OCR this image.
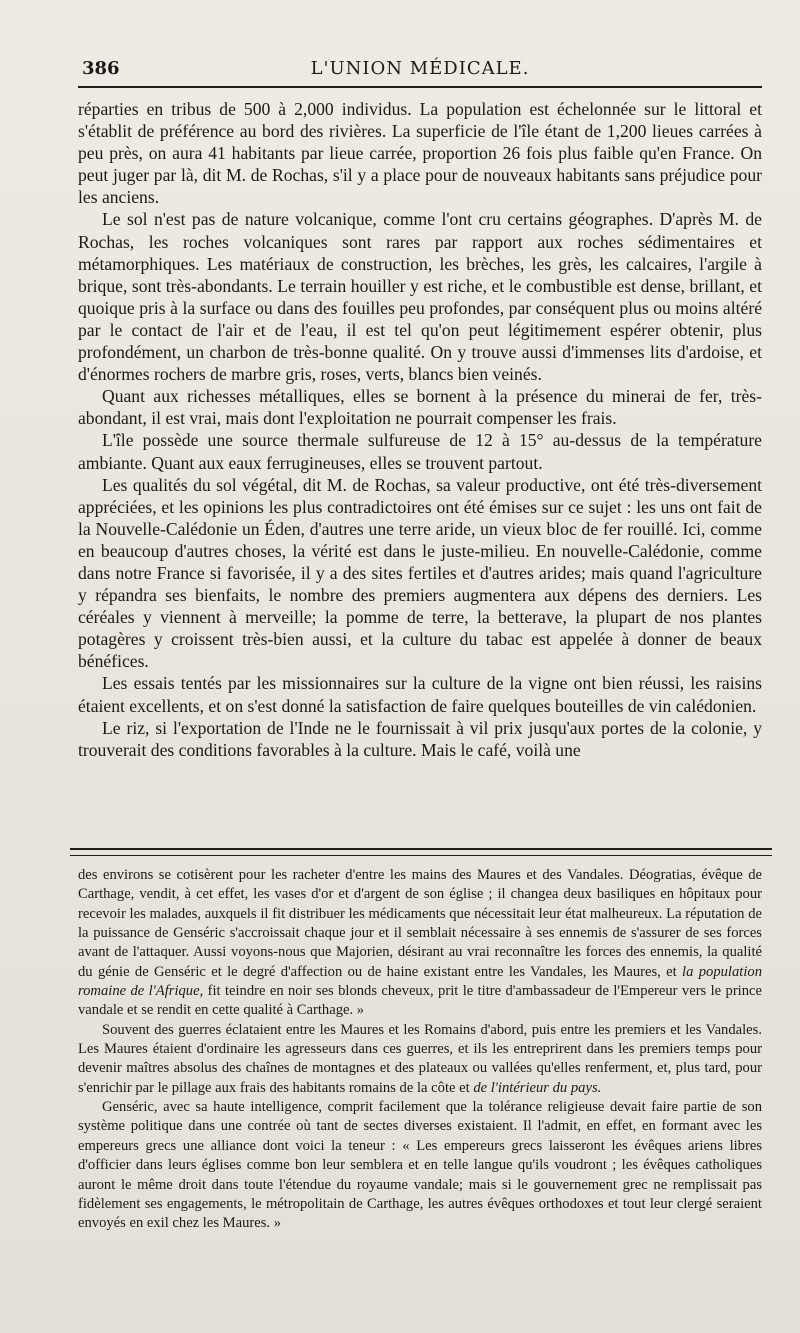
386	L'UNION MÉDICALE.

réparties en tribus de 500 à 2,000 individus. La population est échelonnée sur le littoral et s'établit de préférence au bord des rivières. La superficie de l'île étant de 1,200 lieues carrées à peu près, on aura 41 habitants par lieue carrée, proportion 26 fois plus faible qu'en France. On peut juger par là, dit M. de Rochas, s'il y a place pour de nouveaux habitants sans préjudice pour les anciens.

Le sol n'est pas de nature volcanique, comme l'ont cru certains géographes. D'après M. de Rochas, les roches volcaniques sont rares par rapport aux roches sédimentaires et métamorphiques. Les matériaux de construction, les brèches, les grès, les calcaires, l'argile à brique, sont très-abondants. Le terrain houiller y est riche, et le combustible est dense, brillant, et quoique pris à la surface ou dans des fouilles peu profondes, par conséquent plus ou moins altéré par le contact de l'air et de l'eau, il est tel qu'on peut légitimement espérer obtenir, plus profondément, un charbon de très-bonne qualité. On y trouve aussi d'immenses lits d'ardoise, et d'énormes rochers de marbre gris, roses, verts, blancs bien veinés.

Quant aux richesses métalliques, elles se bornent à la présence du minerai de fer, très-abondant, il est vrai, mais dont l'exploitation ne pourrait compenser les frais.

L'île possède une source thermale sulfureuse de 12 à 15° au-dessus de la température ambiante. Quant aux eaux ferrugineuses, elles se trouvent partout.

Les qualités du sol végétal, dit M. de Rochas, sa valeur productive, ont été très-diversement appréciées, et les opinions les plus contradictoires ont été émises sur ce sujet : les uns ont fait de la Nouvelle-Calédonie un Éden, d'autres une terre aride, un vieux bloc de fer rouillé. Ici, comme en beaucoup d'autres choses, la vérité est dans le juste-milieu. En nouvelle-Calédonie, comme dans notre France si favorisée, il y a des sites fertiles et d'autres arides; mais quand l'agriculture y répandra ses bienfaits, le nombre des premiers augmentera aux dépens des derniers. Les céréales y viennent à merveille; la pomme de terre, la betterave, la plupart de nos plantes potagères y croissent très-bien aussi, et la culture du tabac est appelée à donner de beaux bénéfices.

Les essais tentés par les missionnaires sur la culture de la vigne ont bien réussi, les raisins étaient excellents, et on s'est donné la satisfaction de faire quelques bouteilles de vin calédonien.

Le riz, si l'exportation de l'Inde ne le fournissait à vil prix jusqu'aux portes de la colonie, y trouverait des conditions favorables à la culture. Mais le café, voilà une

des environs se cotisèrent pour les racheter d'entre les mains des Maures et des Vandales. Déogratias, évêque de Carthage, vendit, à cet effet, les vases d'or et d'argent de son église ; il changea deux basiliques en hôpitaux pour recevoir les malades, auxquels il fit distribuer les médicaments que nécessitait leur état malheureux. La réputation de la puissance de Genséric s'accroissait chaque jour et il semblait nécessaire à ses ennemis de s'assurer de ses forces avant de l'attaquer. Aussi voyons-nous que Majorien, désirant au vrai reconnaître les forces des ennemis, la qualité du génie de Genséric et le degré d'affection ou de haine existant entre les Vandales, les Maures, et la population romaine de l'Afrique, fit teindre en noir ses blonds cheveux, prit le titre d'ambassadeur de l'Empereur vers le prince vandale et se rendit en cette qualité à Carthage. »

Souvent des guerres éclataient entre les Maures et les Romains d'abord, puis entre les premiers et les Vandales. Les Maures étaient d'ordinaire les agresseurs dans ces guerres, et ils les entreprirent dans les premiers temps pour devenir maîtres absolus des chaînes de montagnes et des plateaux ou vallées qu'elles renferment, et, plus tard, pour s'enrichir par le pillage aux frais des habitants romains de la côte et de l'intérieur du pays.

Genséric, avec sa haute intelligence, comprit facilement que la tolérance religieuse devait faire partie de son système politique dans une contrée où tant de sectes diverses existaient. Il l'admit, en effet, en formant avec les empereurs grecs une alliance dont voici la teneur : « Les empereurs grecs laisseront les évêques ariens libres d'officier dans leurs églises comme bon leur semblera et en telle langue qu'ils voudront ; les évêques catholiques auront le même droit dans toute l'étendue du royaume vandale; mais si le gouvernement grec ne remplissait pas fidèlement ses engagements, le métropolitain de Carthage, les autres évêques orthodoxes et tout leur clergé seraient envoyés en exil chez les Maures. »
